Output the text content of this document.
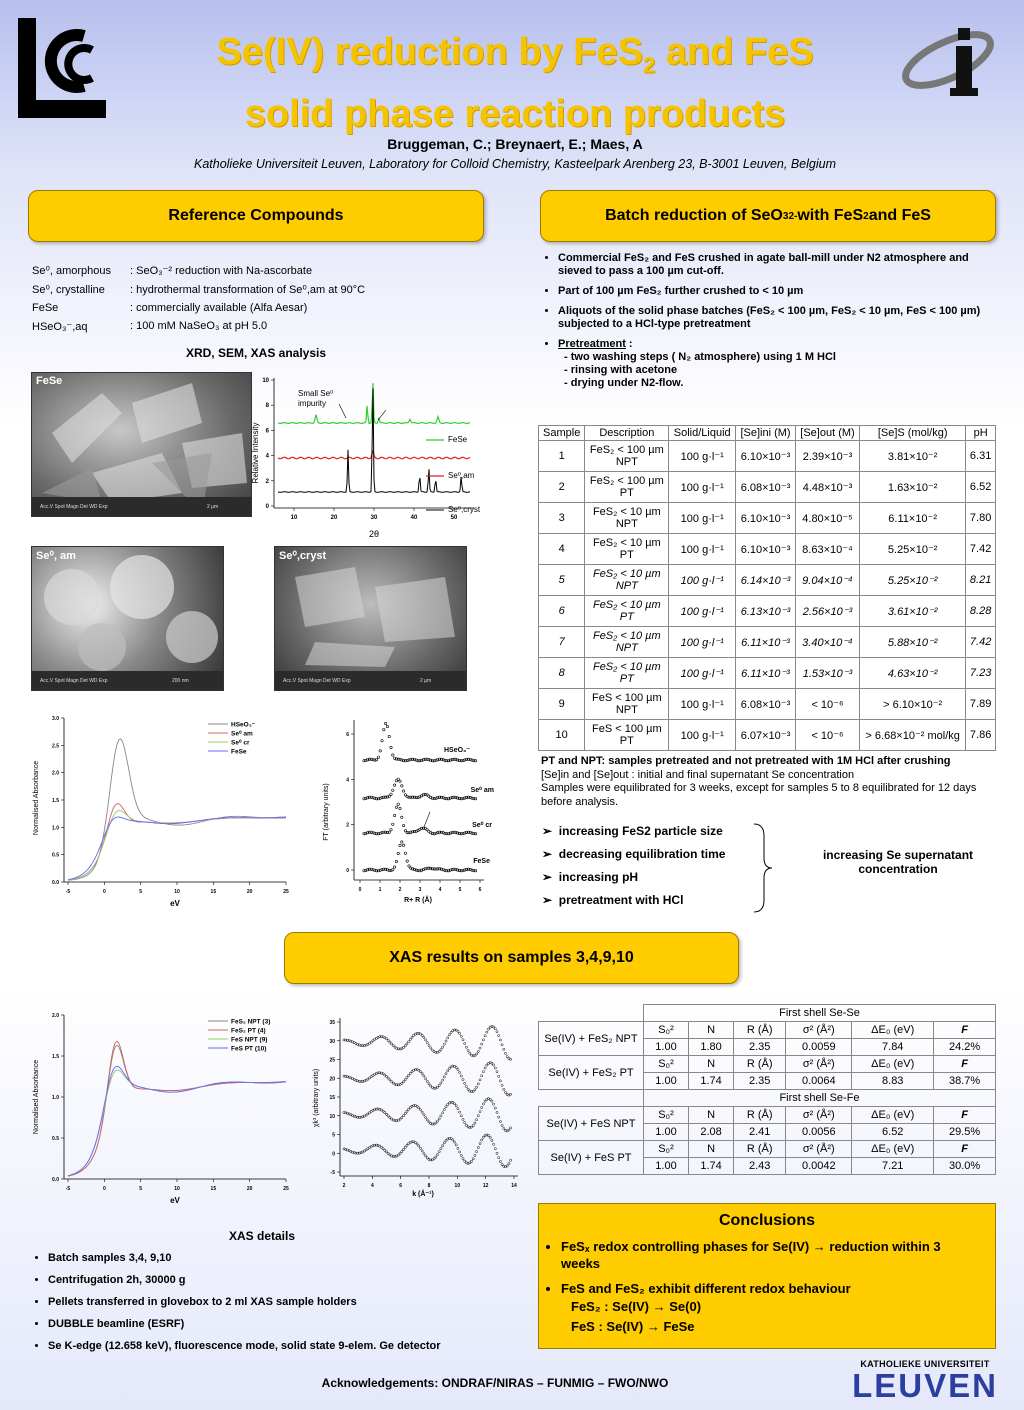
Se(IV) reduction by FeS$_2$ and FeS
solid phase reaction products
Bruggeman, C.; Breynaert, E.; Maes, A
Katholieke Universiteit Leuven, Laboratory for Colloid Chemistry, Kasteelpark Arenberg 23, B-3001 Leuven, Belgium
Reference Compounds
Se⁰, amorphous	: SeO₃⁻² reduction with Na-ascorbate
Se⁰, crystalline	: hydrothermal transformation of Se⁰,am at 90°C
FeSe	: commercially available (Alfa Aesar)
HSeO₃⁻,aq	: 100 mM NaSeO₃ at pH 5.0
XRD, SEM, XAS analysis
Acc.V Spot Magn Det WD Exp	2 µm
FeSe
Acc.V Spot Magn Det WD Exp	200 nm
Se⁰, am
Acc.V Spot Magn Det WD Exp	2 µm
Se⁰,cryst
Relative Intensity
0
2
4
6
8
10
10	20	30	40	50
Small Se⁰ impurity
FeSe
Se⁰,am
Se⁰,cryst
2θ
Normalised Absorbance
0.0
0.5
1.0
1.5
2.0
2.5
3.0
-5	0	5	10	15	20	25
HSeO₃⁻
Se⁰ am
Se⁰ cr
FeSe
eV
FT (arbitrary units)
0
2
4
6
0	1	2	3	4	5	6
HSeO₃⁻
Se⁰ am
Se⁰ cr
FeSe
R+ R (Å)
Batch reduction of SeO 3 2- with FeS 2 and FeS
• Commercial FeS₂ and FeS crushed in agate ball-mill under N2 atmosphere and sieved to pass a 100 µm cut-off.
• Part of 100 µm FeS₂ further crushed to < 10 µm
• Aliquots of the solid phase batches (FeS₂ < 100 µm, FeS₂ < 10 µm, FeS < 100 µm) subjected to a HCl-type pretreatment
• Pretreatment :
- two washing steps ( N₂ atmosphere) using 1 M HCl
- rinsing with acetone
- drying under N2-flow.
Sample	Description	Solid/Liquid	[Se]ini (M)	[Se]out (M)	[Se]S (mol/kg)	pH
1	FeS₂ < 100 µm NPT	100 g·l⁻¹	6.10×10⁻³	2.39×10⁻³	3.81×10⁻²	6.31
2	FeS₂ < 100 µm PT	100 g·l⁻¹	6.08×10⁻³	4.48×10⁻³	1.63×10⁻²	6.52
3	FeS₂ < 10 µm NPT	100 g·l⁻¹	6.10×10⁻³	4.80×10⁻⁵	6.11×10⁻²	7.80
4	FeS₂ < 10 µm PT	100 g·l⁻¹	6.10×10⁻³	8.63×10⁻⁴	5.25×10⁻²	7.42
5	FeS₂ < 10 µm NPT	100 g·l⁻¹	6.14×10⁻³	9.04×10⁻⁴	5.25×10⁻²	8.21
6	FeS₂ < 10 µm PT	100 g·l⁻¹	6.13×10⁻³	2.56×10⁻³	3.61×10⁻²	8.28
7	FeS₂ < 10 µm NPT	100 g·l⁻¹	6.11×10⁻³	3.40×10⁻⁴	5.88×10⁻²	7.42
8	FeS₂ < 10 µm PT	100 g·l⁻¹	6.11×10⁻³	1.53×10⁻³	4.63×10⁻²	7.23
9	FeS < 100 µm NPT	100 g·l⁻¹	6.08×10⁻³	< 10⁻⁶	> 6.10×10⁻²	7.89
10	FeS < 100 µm PT	100 g·l⁻¹	6.07×10⁻³	< 10⁻⁶	> 6.68×10⁻² mol/kg	7.86
PT and NPT: samples pretreated and not pretreated with 1M HCl after crushing
[Se]in and [Se]out : initial and final supernatant Se concentration
Samples were equilibrated for 3 weeks, except for samples 5 to 8 equilibrated for 12 days before analysis.
➢  increasing FeS2 particle size
➢  decreasing equilibration time
➢  increasing pH
➢  pretreatment with HCl
increasing Se supernatant concentration
XAS results on samples 3,4,9,10
Normalised Absorbance
0.0
0.5
1.0
1.5
2.0
-5	0	5	10	15	20	25
FeS₂ NPT (3)
FeS₂ PT (4)
FeS NPT (9)
FeS PT (10)
eV
χk³ (arbitrary units)
-5
0
5
10
15
20
25
30
35
2	4	6	8	10	12	14
k (Å⁻¹)
	First shell Se-Se					
Se(IV) + FeS₂ NPT	S₀²	N	R (Å)	σ² (Å²)	ΔE₀ (eV)	F
	1.00	1.80	2.35	0.0059	7.84	24.2%
Se(IV) + FeS₂ PT	S₀²	N	R (Å)	σ² (Å²)	ΔE₀ (eV)	F
	1.00	1.74	2.35	0.0064	8.83	38.7%
	First shell Se-Fe					
Se(IV) + FeS NPT	S₀²	N	R (Å)	σ² (Å²)	ΔE₀ (eV)	F
	1.00	2.08	2.41	0.0056	6.52	29.5%
Se(IV) + FeS PT	S₀²	N	R (Å)	σ² (Å²)	ΔE₀ (eV)	F
	1.00	1.74	2.43	0.0042	7.21	30.0%
XAS details
• Batch samples 3,4, 9,10
• Centrifugation 2h, 30000 g
• Pellets transferred in glovebox to 2 ml XAS sample holders
• DUBBLE beamline (ESRF)
• Se K-edge (12.658 keV), fluorescence mode, solid state 9-elem. Ge detector
Conclusions
• FeSₓ redox controlling phases for Se(IV) → reduction within 3 weeks
• FeS and FeS₂ exhibit different redox behaviour
FeS₂ : Se(IV) → Se(0)
FeS : Se(IV) → FeSe
Acknowledgements: ONDRAF/NIRAS – FUNMIG – FWO/NWO
KATHOLIEKE UNIVERSITEIT
LEUVEN
